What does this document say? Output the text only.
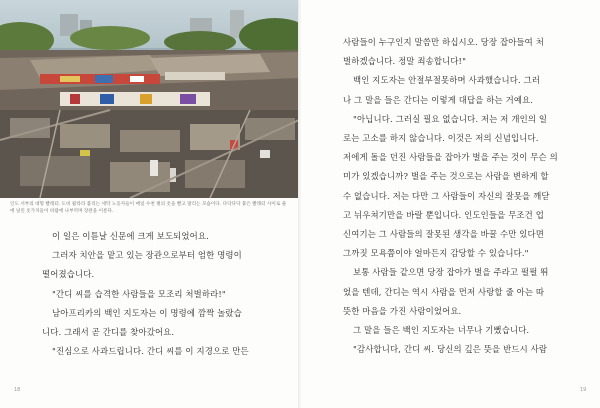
인도 서부의 대형 빨래터. 도비 왈라라 불리는 세탁 노동자들이 매일 수천 벌의 옷을 빨고 말리는 모습이다. 다닥다닥 붙은 빨래터 사이로 줄에 널린 옷가지들이 바람에 나부끼며 장관을 이룬다.

이 일은 이튿날 신문에 크게 보도되었어요.
그러자 치안을 맡고 있는 장관으로부터 엄한 명령이
떨어졌습니다.
"간디 씨를 습격한 사람들을 모조리 처벌하라!"
남아프리카의 백인 지도자는 이 명령에 깜짝 놀랐습
니다. 그래서 곧 간디를 찾아갔어요.
"진심으로 사과드립니다. 간디 씨를 이 지경으로 만든
18
사람들이 누구인지 말씀만 하십시오. 당장 잡아들여 처
벌하겠습니다. 정말 죄송합니다!"
백인 지도자는 안절부절못하며 사과했습니다. 그러
나 그 말을 들은 간디는 이렇게 대답을 하는 거예요.
"아닙니다. 그러실 필요 없습니다. 저는 저 개인의 일
로는 고소를 하지 않습니다. 이것은 저의 신념입니다.
저에게 돌을 던진 사람들을 잡아가 벌을 주는 것이 무슨 의
미가 있겠습니까? 벌을 주는 것으로는 사람을 변하게 할
수 없습니다. 저는 다만 그 사람들이 자신의 잘못을 깨닫
고 뉘우쳐기만을 바랄 뿐입니다. 인도인들을 무조건 업
신여기는 그 사람들의 잘못된 생각을 바꿀 수만 있다면
그까짓 모욕쯤이야 얼마든지 감당할 수 있습니다."
보통 사람들 같으면 당장 잡아가 벌을 주라고 펄펄 뛰
었을 텐데, 간디는 역시 사람을 먼저 사랑할 줄 아는 따
뜻한 마음을 가진 사람이었어요.
그 말을 들은 백인 지도자는 너무나 기뻤습니다.
"감사합니다, 간디 씨. 당신의 깊은 뜻을 반드시 사람
19
